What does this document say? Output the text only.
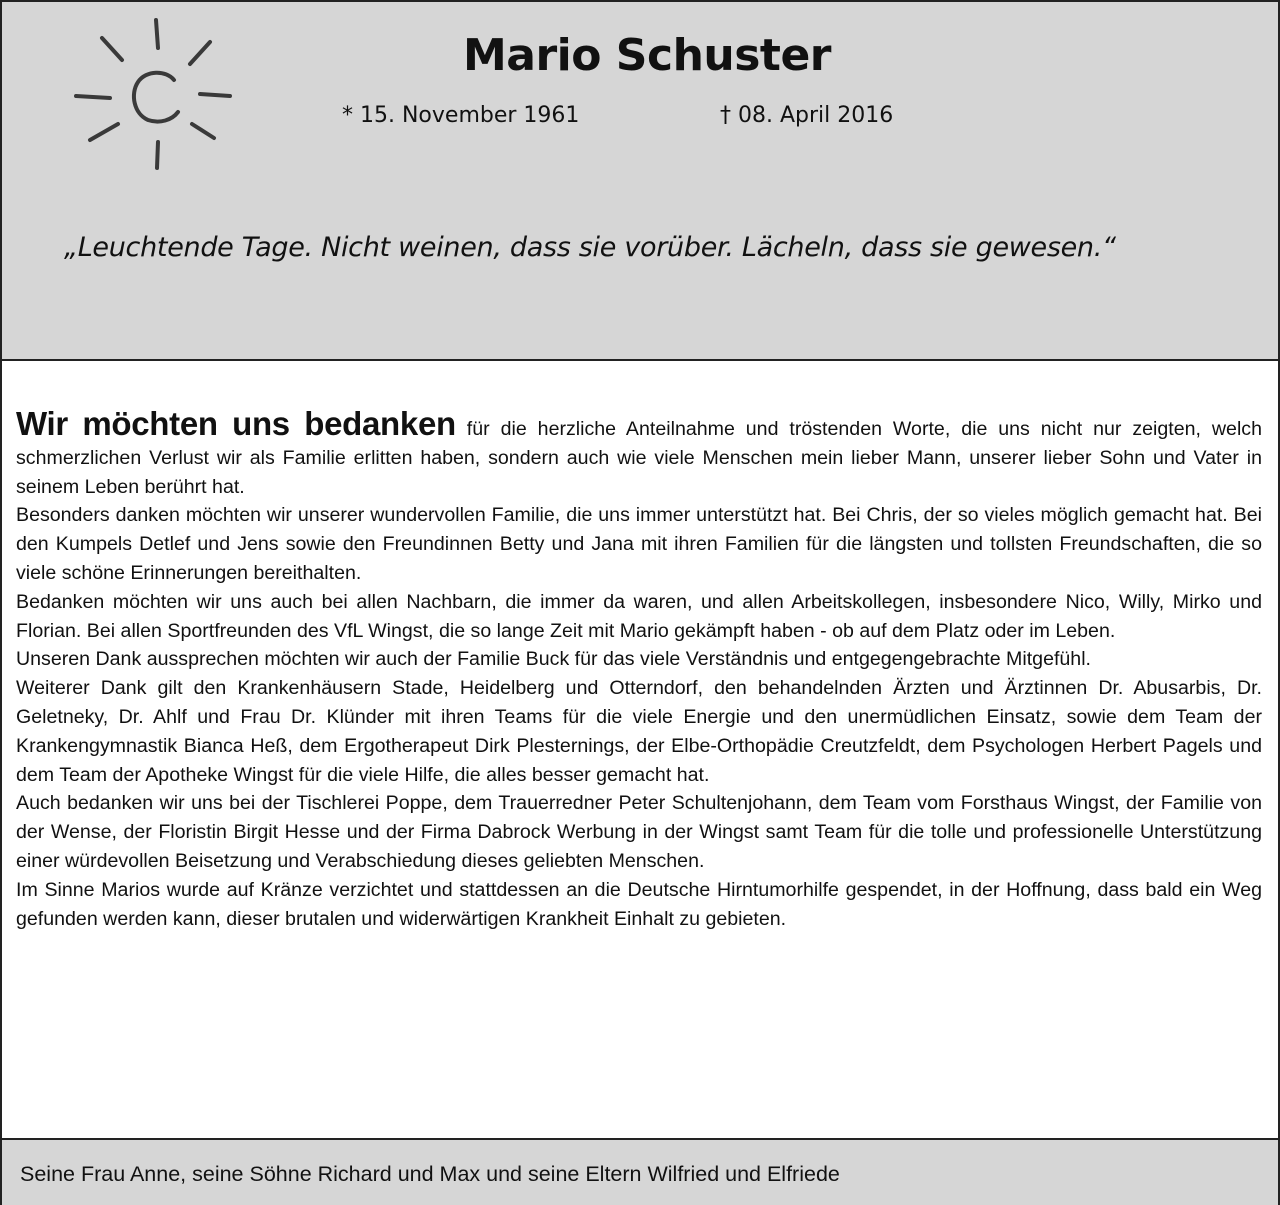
Mario Schuster
* 15. November 1961	† 08. April 2016
„Leuchtende Tage. Nicht weinen, dass sie vorüber. Lächeln, dass sie gewesen.“

Wir möchten uns bedanken für die herzliche Anteilnahme und tröstenden Worte, die uns nicht nur zeigten, welch schmerzlichen Verlust wir als Familie erlitten haben, sondern auch wie viele Menschen mein lieber Mann, unserer lieber Sohn und Vater in seinem Leben berührt hat.

Besonders danken möchten wir unserer wundervollen Familie, die uns immer unterstützt hat. Bei Chris, der so vieles möglich gemacht hat. Bei den Kumpels Detlef und Jens sowie den Freundinnen Betty und Jana mit ihren Familien für die längsten und tollsten Freundschaften, die so viele schöne Erinnerungen bereithalten.

Bedanken möchten wir uns auch bei allen Nachbarn, die immer da waren, und allen Arbeitskollegen, insbesondere Nico, Willy, Mirko und Florian. Bei allen Sportfreunden des VfL Wingst, die so lange Zeit mit Mario gekämpft haben - ob auf dem Platz oder im Leben.

Unseren Dank aussprechen möchten wir auch der Familie Buck für das viele Verständnis und entgegengebrachte Mitgefühl.

Weiterer Dank gilt den Krankenhäusern Stade, Heidelberg und Otterndorf, den behandelnden Ärzten und Ärztinnen Dr. Abusarbis, Dr. Geletneky, Dr. Ahlf und Frau Dr. Klünder mit ihren Teams für die viele Energie und den unermüdlichen Einsatz, sowie dem Team der Krankengymnastik Bianca Heß, dem Ergotherapeut Dirk Plesternings, der Elbe-Orthopädie Creutzfeldt, dem Psychologen Herbert Pagels und dem Team der Apotheke Wingst für die viele Hilfe, die alles besser gemacht hat.

Auch bedanken wir uns bei der Tischlerei Poppe, dem Trauerredner Peter Schultenjohann, dem Team vom Forsthaus Wingst, der Familie von der Wense, der Floristin Birgit Hesse und der Firma Dabrock Werbung in der Wingst samt Team für die tolle und professionelle Unterstützung einer würdevollen Beisetzung und Verabschiedung dieses geliebten Menschen.

Im Sinne Marios wurde auf Kränze verzichtet und stattdessen an die Deutsche Hirntumorhilfe gespendet, in der Hoffnung, dass bald ein Weg gefunden werden kann, dieser brutalen und widerwärtigen Krankheit Einhalt zu gebieten.

Seine Frau Anne, seine Söhne Richard und Max und seine Eltern Wilfried und Elfriede
